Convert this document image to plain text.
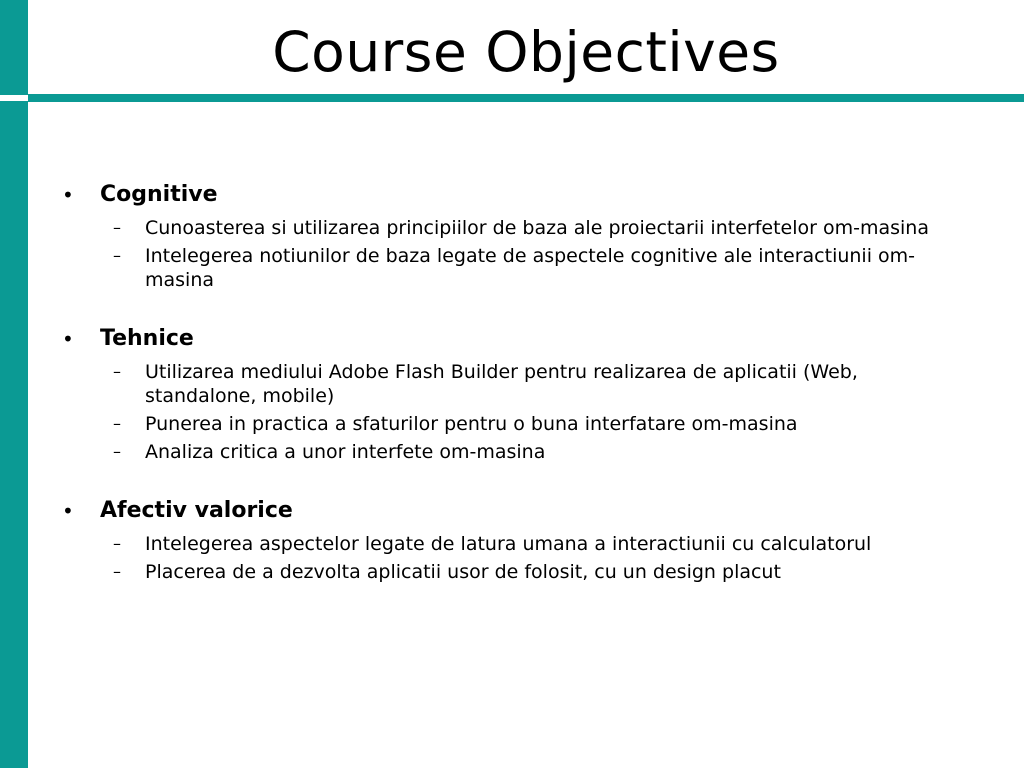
Course Objectives
• Cognitive
– Cunoasterea si utilizarea principiilor de baza ale proiectarii interfetelor om-masina
– Intelegerea notiunilor de baza legate de aspectele cognitive ale interactiunii om-masina
• Tehnice
– Utilizarea mediului Adobe Flash Builder pentru realizarea de aplicatii (Web, standalone, mobile)
– Punerea in practica a sfaturilor pentru o buna interfatare om-masina
– Analiza critica a unor interfete om-masina
• Afectiv valorice
– Intelegerea aspectelor legate de latura umana a interactiunii cu calculatorul
– Placerea de a dezvolta aplicatii usor de folosit, cu un design placut
